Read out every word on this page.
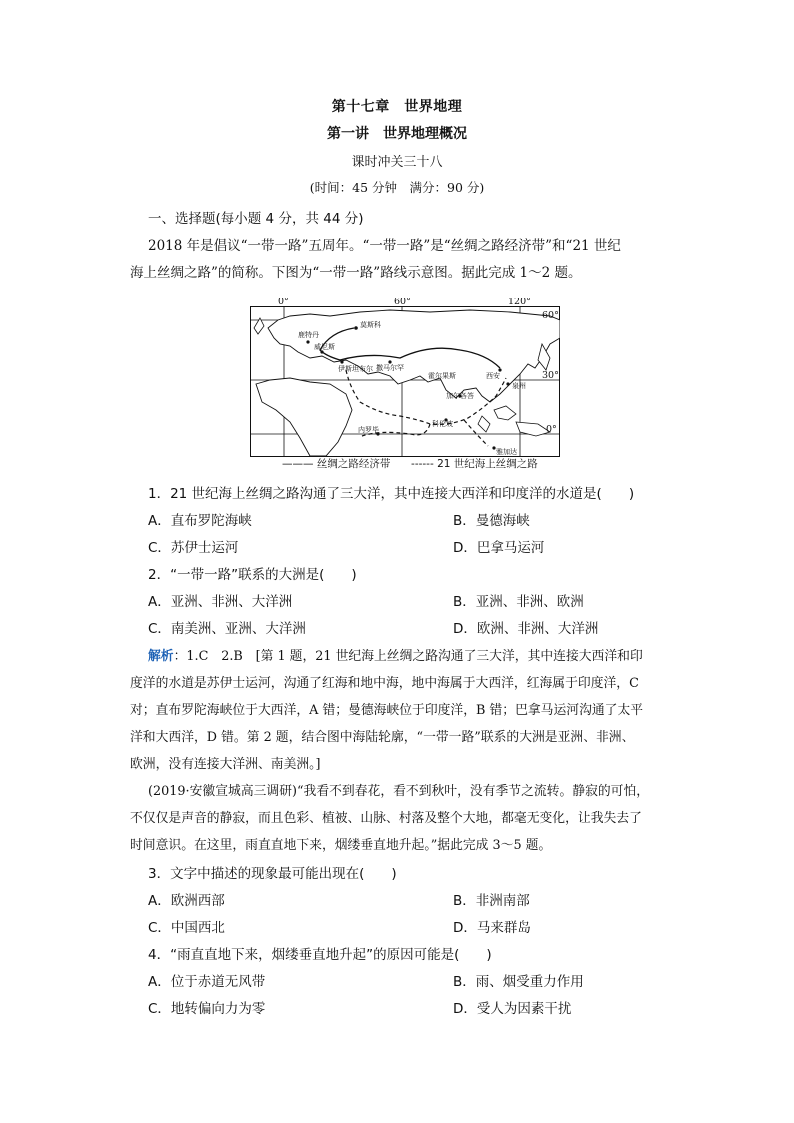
第十七章　世界地理
第一讲　世界地理概况
课时冲关三十八
(时间：45 分钟　满分：90 分)
一、选择题(每小题 4 分，共 44 分)
2018 年是倡议“一带一路”五周年。“一带一路”是“丝绸之路经济带”和“21 世纪
海上丝绸之路”的简称。下图为“一带一路”路线示意图。据此完成 1～2 题。
0°	60°	120°
60°
30°
0°
莫斯科
鹿特丹
威尼斯
伊斯坦布尔
霍尔果斯
撒马尔罕
西安
泉州
加尔各答
内罗毕
科伦坡
雅加达
——— 丝绸之路经济带 ------ 21 世纪海上丝绸之路
1．21 世纪海上丝绸之路沟通了三大洋，其中连接大西洋和印度洋的水道是(　　)
A．直布罗陀海峡	B．曼德海峡
C．苏伊士运河	D．巴拿马运河
2．“一带一路”联系的大洲是(　　)
A．亚洲、非洲、大洋洲	B．亚洲、非洲、欧洲
C．南美洲、亚洲、大洋洲	D．欧洲、非洲、大洋洲
解析：1.C　2.B　[第 1 题，21 世纪海上丝绸之路沟通了三大洋，其中连接大西洋和印
度洋的水道是苏伊士运河，沟通了红海和地中海，地中海属于大西洋，红海属于印度洋，C
对；直布罗陀海峡位于大西洋，A 错；曼德海峡位于印度洋，B 错；巴拿马运河沟通了太平
洋和大西洋，D 错。第 2 题，结合图中海陆轮廓，“一带一路”联系的大洲是亚洲、非洲、
欧洲，没有连接大洋洲、南美洲。]
(2019·安徽宣城高三调研)“我看不到春花，看不到秋叶，没有季节之流转。静寂的可怕，
不仅仅是声音的静寂，而且色彩、植被、山脉、村落及整个大地，都毫无变化，让我失去了
时间意识。在这里，雨直直地下来，烟缕垂直地升起。”据此完成 3～5 题。
3．文字中描述的现象最可能出现在(　　)
A．欧洲西部	B．非洲南部
C．中国西北	D．马来群岛
4．“雨直直地下来，烟缕垂直地升起”的原因可能是(　　)
A．位于赤道无风带	B．雨、烟受重力作用
C．地转偏向力为零	D．受人为因素干扰
